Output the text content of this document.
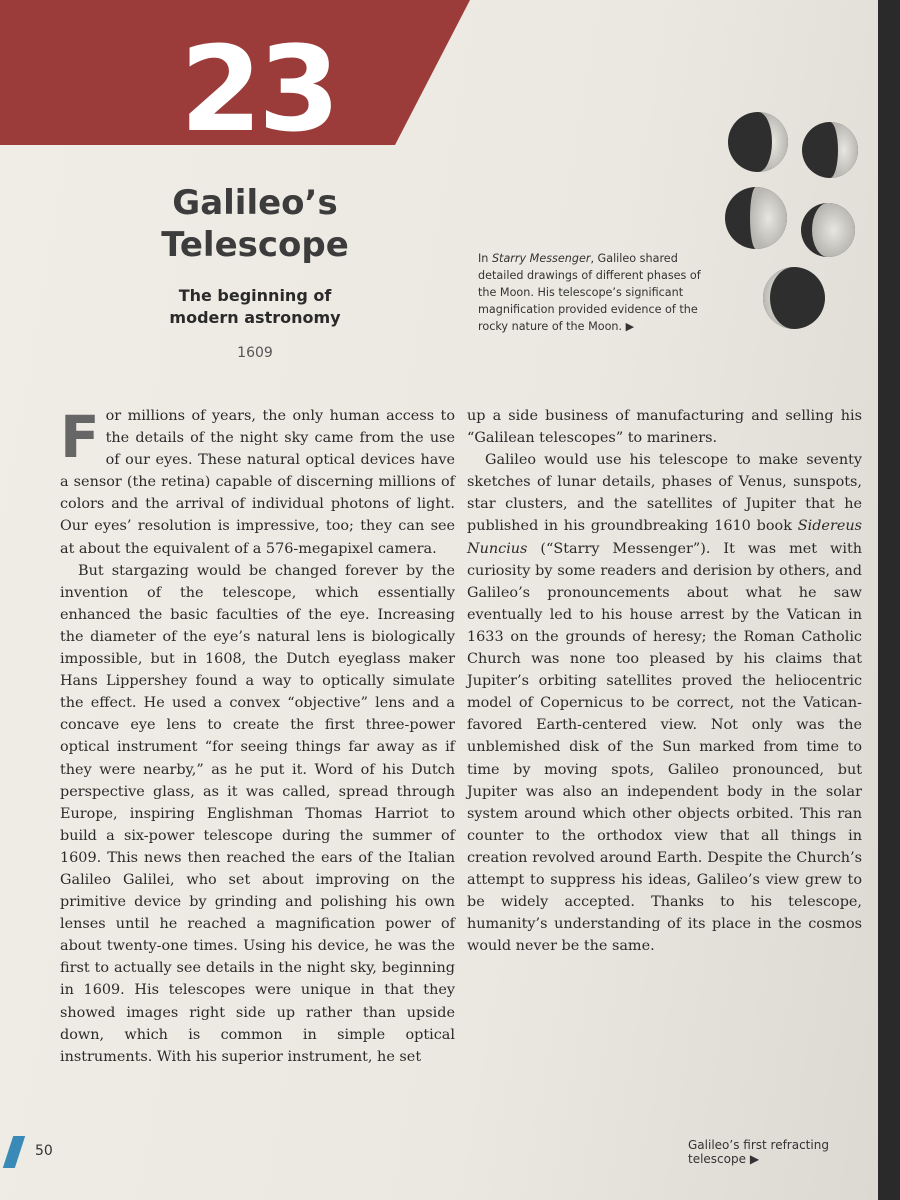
23
Galileo’s
Telescope
The beginning of
modern astronomy
1609
In Starry Messenger, Galileo shared detailed drawings of different phases of the Moon. His telescope’s significant magnification provided evidence of the rocky nature of the Moon. ▶

For millions of years, the only human access to the details of the night sky came from the use of our eyes. These natural optical devices have a sensor (the retina) capable of discerning millions of colors and the arrival of individual photons of light. Our eyes’ resolution is impressive, too; they can see at about the equivalent of a 576-megapixel camera.

But stargazing would be changed forever by the invention of the telescope, which essentially enhanced the basic faculties of the eye. Increasing the diameter of the eye’s natural lens is biologically impossible, but in 1608, the Dutch eyeglass maker Hans Lippershey found a way to optically simulate the effect. He used a convex “objective” lens and a concave eye lens to create the first three-power optical instrument “for seeing things far away as if they were nearby,” as he put it. Word of his Dutch perspective glass, as it was called, spread through Europe, inspiring Englishman Thomas Harriot to build a six-power telescope during the summer of 1609. This news then reached the ears of the Italian Galileo Galilei, who set about improving on the primitive device by grinding and polishing his own lenses until he reached a magnification power of about twenty-one times. Using his device, he was the first to actually see details in the night sky, beginning in 1609. His telescopes were unique in that they showed images right side up rather than upside down, which is common in simple optical instruments. With his superior instrument, he set

up a side business of manufacturing and selling his “Galilean telescopes” to mariners.

Galileo would use his telescope to make seventy sketches of lunar details, phases of Venus, sunspots, star clusters, and the satellites of Jupiter that he published in his groundbreaking 1610 book Sidereus Nuncius (“Starry Messenger”). It was met with curiosity by some readers and derision by others, and Galileo’s pronouncements about what he saw eventually led to his house arrest by the Vatican in 1633 on the grounds of heresy; the Roman Catholic Church was none too pleased by his claims that Jupiter’s orbiting satellites proved the heliocentric model of Copernicus to be correct, not the Vatican-favored Earth-centered view. Not only was the unblemished disk of the Sun marked from time to time by moving spots, Galileo pronounced, but Jupiter was also an independent body in the solar system around which other objects orbited. This ran counter to the orthodox view that all things in creation revolved around Earth. Despite the Church’s attempt to suppress his ideas, Galileo’s view grew to be widely accepted. Thanks to his telescope, humanity’s understanding of its place in the cosmos would never be the same.

50	Galileo’s first refracting telescope ▶
